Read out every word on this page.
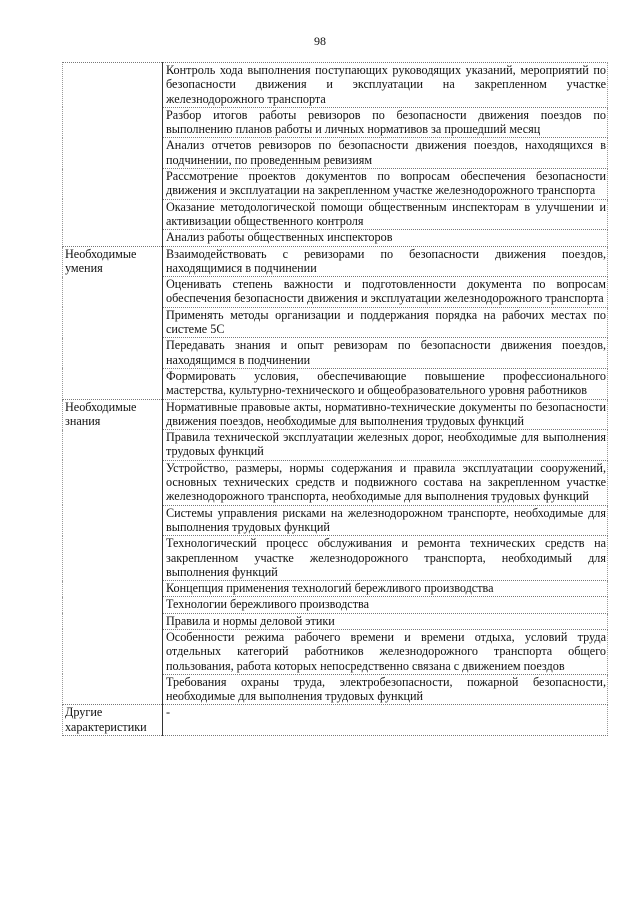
98

	Контроль хода выполнения поступающих руководящих указаний, мероприятий по безопасности движения и эксплуатации на закрепленном участке железнодорожного транспорта

	Разбор итогов работы ревизоров по безопасности движения поездов по выполнению планов работы и личных нормативов за прошедший месяц

	Анализ отчетов ревизоров по безопасности движения поездов, находящихся в подчинении, по проведенным ревизиям

	Рассмотрение проектов документов по вопросам обеспечения безопасности движения и эксплуатации на закрепленном участке железнодорожного транспорта

	Оказание методологической помощи общественным инспекторам в улучшении и активизации общественного контроля

	Анализ работы общественных инспекторов

Необходимые умения	Взаимодействовать с ревизорами по безопасности движения поездов, находящимися в подчинении

	Оценивать степень важности и подготовленности документа по вопросам обеспечения безопасности движения и эксплуатации железнодорожного транспорта

	Применять методы организации и поддержания порядка на рабочих местах по системе 5С

	Передавать знания и опыт ревизорам по безопасности движения поездов, находящимся в подчинении

	Формировать условия, обеспечивающие повышение профессионального мастерства, культурно-технического и общеобразовательного уровня работников

Необходимые знания	Нормативные правовые акты, нормативно-технические документы по безопасности движения поездов, необходимые для выполнения трудовых функций

	Правила технической эксплуатации железных дорог, необходимые для выполнения трудовых функций

	Устройство, размеры, нормы содержания и правила эксплуатации сооружений, основных технических средств и подвижного состава на закрепленном участке железнодорожного транспорта, необходимые для выполнения трудовых функций

	Системы управления рисками на железнодорожном транспорте, необходимые для выполнения трудовых функций

	Технологический процесс обслуживания и ремонта технических средств на закрепленном участке железнодорожного транспорта, необходимый для выполнения функций

	Концепция применения технологий бережливого производства

	Технологии бережливого производства

	Правила и нормы деловой этики

	Особенности режима рабочего времени и времени отдыха, условий труда отдельных категорий работников железнодорожного транспорта общего пользования, работа которых непосредственно связана с движением поездов

	Требования охраны труда, электробезопасности, пожарной безопасности, необходимые для выполнения трудовых функций

Другие характеристики	-
